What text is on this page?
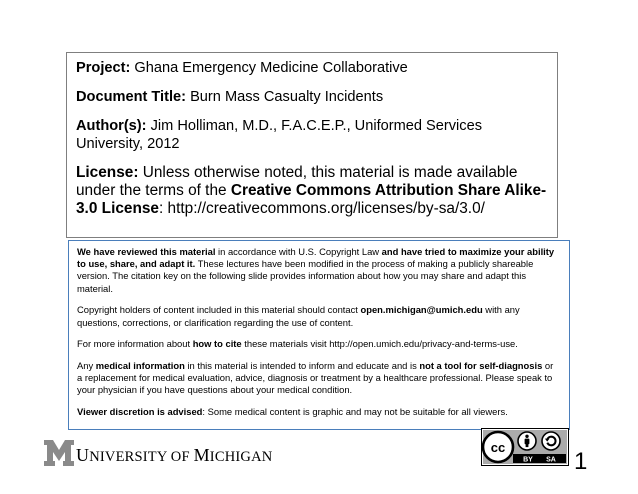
Project: Ghana Emergency Medicine Collaborative

Document Title: Burn Mass Casualty Incidents

Author(s): Jim Holliman, M.D., F.A.C.E.P., Uniformed Services University, 2012

License: Unless otherwise noted, this material is made available under the terms of the Creative Commons Attribution Share Alike-3.0 License: http://creativecommons.org/licenses/by-sa/3.0/

We have reviewed this material in accordance with U.S. Copyright Law and have tried to maximize your ability to use, share, and adapt it. These lectures have been modified in the process of making a publicly shareable version. The citation key on the following slide provides information about how you may share and adapt this material.

Copyright holders of content included in this material should contact open.michigan@umich.edu with any questions, corrections, or clarification regarding the use of content.

For more information about how to cite these materials visit http://open.umich.edu/privacy-and-terms-use.

Any medical information in this material is intended to inform and educate and is not a tool for self-diagnosis or a replacement for medical evaluation, advice, diagnosis or treatment by a healthcare professional. Please speak to your physician if you have questions about your medical condition.

Viewer discretion is advised: Some medical content is graphic and may not be suitable for all viewers.

M UNIVERSITY OF MICHIGAN
cc
BY SA 1
